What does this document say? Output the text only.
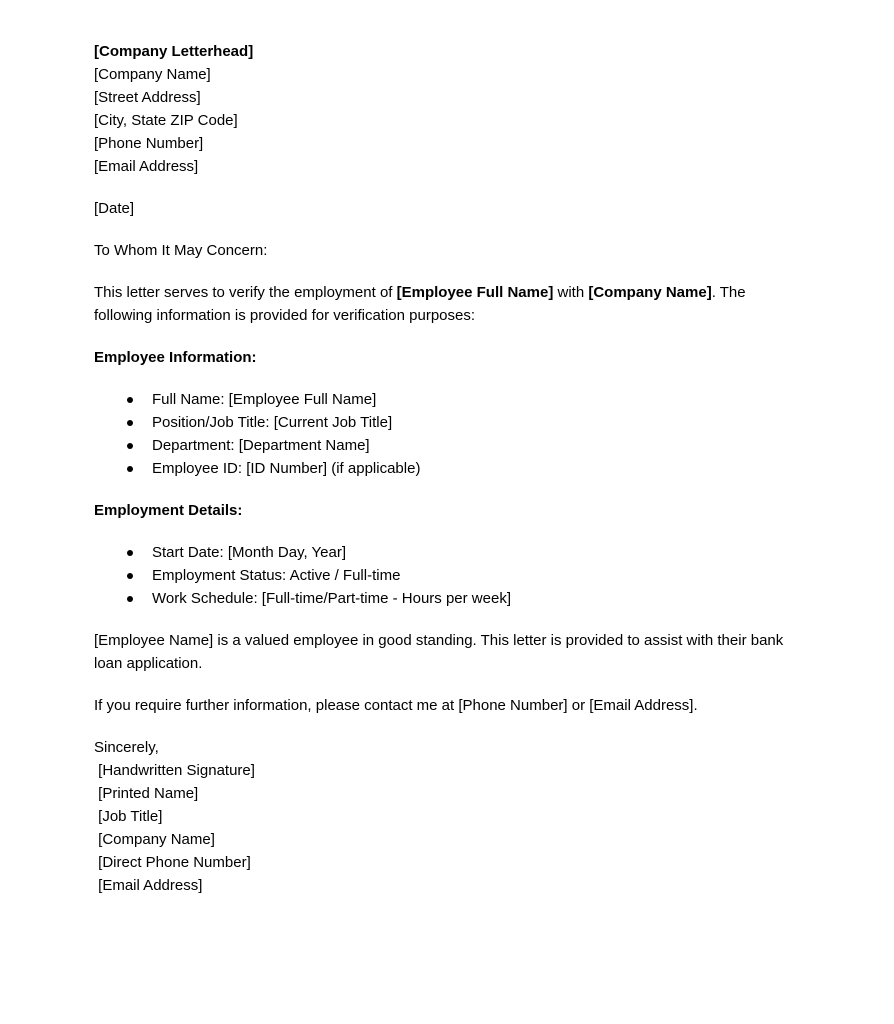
[Company Letterhead]
[Company Name]
[Street Address]
[City, State ZIP Code]
[Phone Number]
[Email Address]
[Date]
To Whom It May Concern:
This letter serves to verify the employment of [Employee Full Name] with [Company Name]. The following information is provided for verification purposes:
Employee Information:
Full Name: [Employee Full Name]
Position/Job Title: [Current Job Title]
Department: [Department Name]
Employee ID: [ID Number] (if applicable)
Employment Details:
Start Date: [Month Day, Year]
Employment Status: Active / Full-time
Work Schedule: [Full-time/Part-time - Hours per week]
[Employee Name] is a valued employee in good standing. This letter is provided to assist with their bank loan application.
If you require further information, please contact me at [Phone Number] or [Email Address].
Sincerely,
[Handwritten Signature]
[Printed Name]
[Job Title]
[Company Name]
[Direct Phone Number]
[Email Address]
